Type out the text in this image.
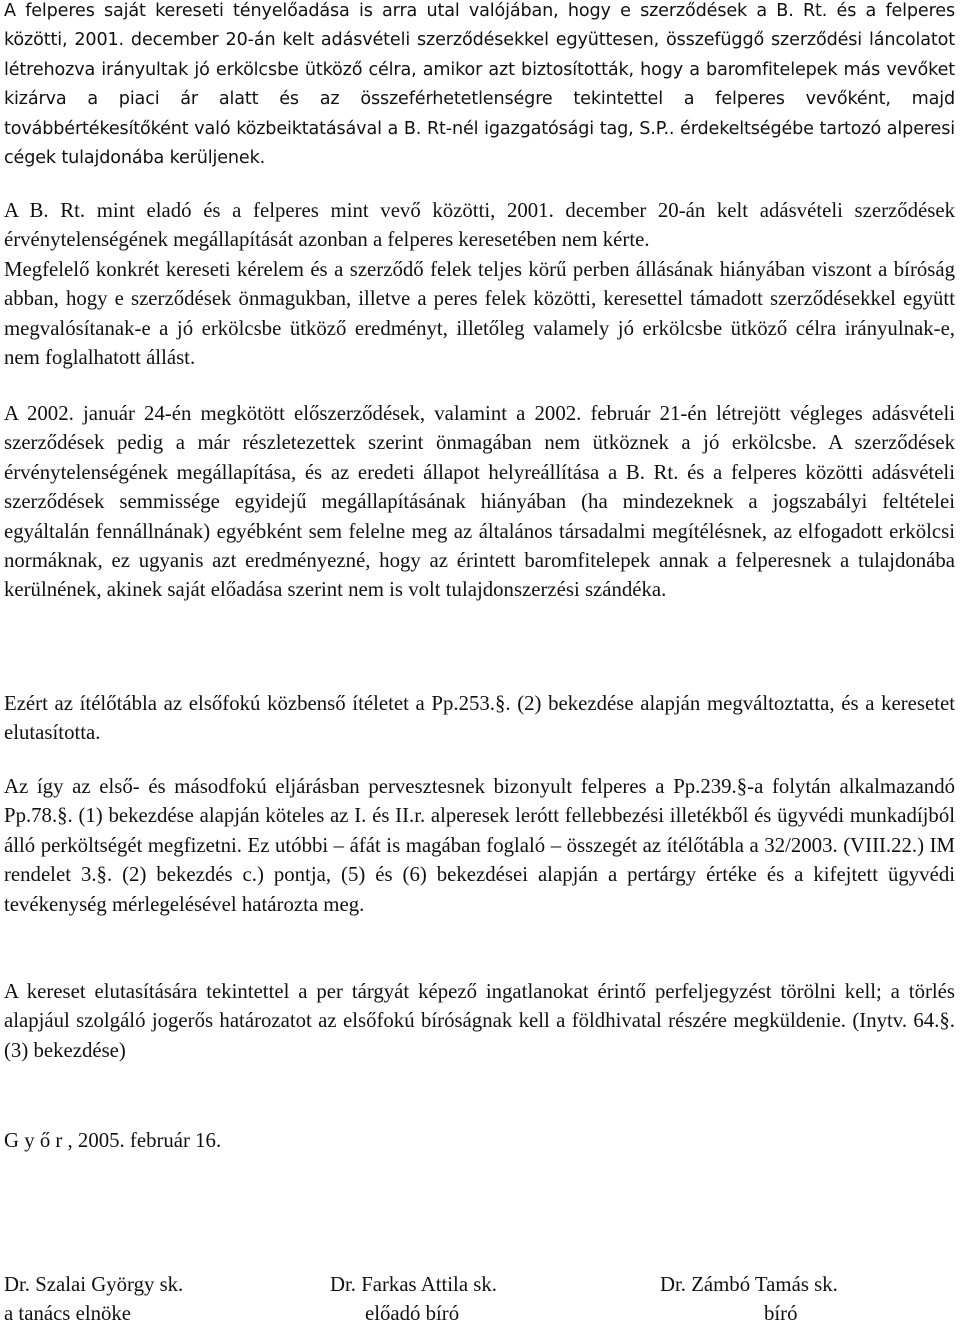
A felperes saját kereseti tényelőadása is arra utal valójában, hogy e szerződések a B. Rt. és a felperes közötti, 2001. december 20-án kelt adásvételi szerződésekkel együttesen, összefüggő szerződési láncolatot létrehozva irányultak jó erkölcsbe ütköző célra, amikor azt biztosították, hogy a baromfitelepek más vevőket kizárva a piaci ár alatt és az összeférhetetlenségre tekintettel a felperes vevőként, majd továbbértékesítőként való közbeiktatásával a B. Rt-nél igazgatósági tag, S.P.. érdekeltségébe tartozó alperesi cégek tulajdonába kerüljenek.

A B. Rt. mint eladó és a felperes mint vevő közötti, 2001. december 20-án kelt adásvételi szerződések érvénytelenségének megállapítását azonban a felperes keresetében nem kérte.

Megfelelő konkrét kereseti kérelem és a szerződő felek teljes körű perben állásának hiányában viszont a bíróság abban, hogy e szerződések önmagukban, illetve a peres felek közötti, keresettel támadott szerződésekkel együtt megvalósítanak-e a jó erkölcsbe ütköző eredményt, illetőleg valamely jó erkölcsbe ütköző célra irányulnak-e, nem foglalhatott állást.

A 2002. január 24-én megkötött előszerződések, valamint a 2002. február 21-én létrejött végleges adásvételi szerződések pedig a már részletezettek szerint önmagában nem ütköznek a jó erkölcsbe. A szerződések érvénytelenségének megállapítása, és az eredeti állapot helyreállítása a B. Rt. és a felperes közötti adásvételi szerződések semmissége egyidejű megállapításának hiányában (ha mindezeknek a jogszabályi feltételei egyáltalán fennállnának) egyébként sem felelne meg az általános társadalmi megítélésnek, az elfogadott erkölcsi normáknak, ez ugyanis azt eredményezné, hogy az érintett baromfitelepek annak a felperesnek a tulajdonába kerülnének, akinek saját előadása szerint nem is volt tulajdonszerzési szándéka.

Ezért az ítélőtábla az elsőfokú közbenső ítéletet a Pp.253.§. (2) bekezdése alapján megváltoztatta, és a keresetet elutasította.

Az így az első- és másodfokú eljárásban pervesztesnek bizonyult felperes a Pp.239.§-a folytán alkalmazandó Pp.78.§. (1) bekezdése alapján köteles az I. és II.r. alperesek lerótt fellebbezési illetékből és ügyvédi munkadíjból álló perköltségét megfizetni. Ez utóbbi – áfát is magában foglaló – összegét az ítélőtábla a 32/2003. (VIII.22.) IM rendelet 3.§. (2) bekezdés c.) pontja, (5) és (6) bekezdései alapján a pertárgy értéke és a kifejtett ügyvédi tevékenység mérlegelésével határozta meg.

A kereset elutasítására tekintettel a per tárgyát képező ingatlanokat érintő perfeljegyzést törölni kell; a törlés alapjául szolgáló jogerős határozatot az elsőfokú bíróságnak kell a földhivatal részére megküldenie. (Inytv. 64.§. (3) bekezdése)

G y ő r , 2005. február 16.

Dr. Szalai György sk.
a tanács elnöke
Dr. Farkas Attila sk.
előadó bíró
Dr. Zámbó Tamás sk.
bíró
